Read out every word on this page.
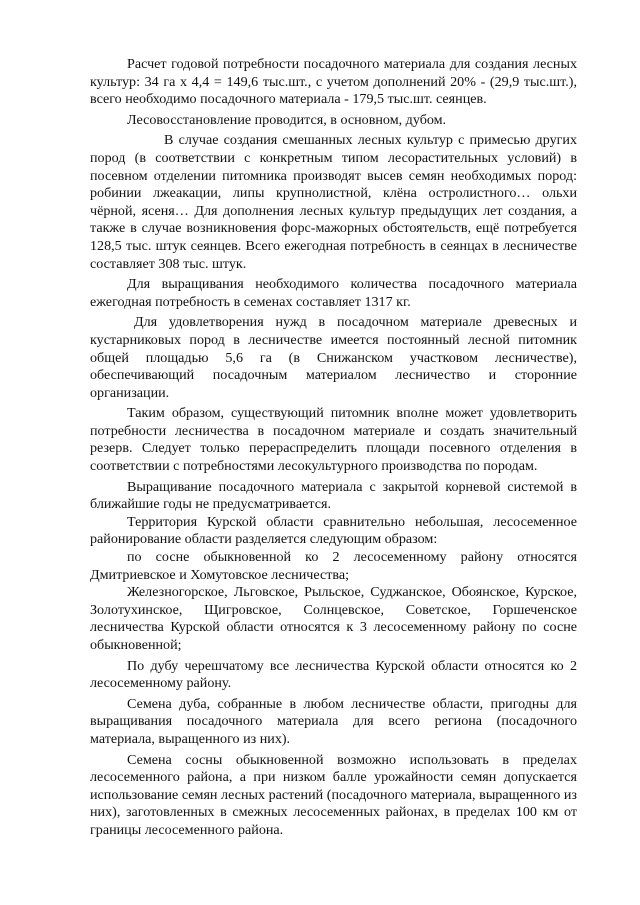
Расчет годовой потребности посадочного материала для создания лесных культур: 34 га х 4,4 = 149,6 тыс.шт., с учетом дополнений 20% - (29,9 тыс.шт.), всего необходимо посадочного материала - 179,5 тыс.шт. сеянцев.

Лесовосстановление проводится, в основном, дубом.

В случае создания смешанных лесных культур с примесью других пород (в соответствии с конкретным типом лесорастительных условий) в посевном отделении питомника производят высев семян необходимых пород: робинии лжеакации, липы крупнолистной, клёна остролистного… ольхи чёрной, ясеня… Для дополнения лесных культур предыдущих лет создания, а также в случае возникновения форс-мажорных обстоятельств, ещё потребуется 128,5 тыс. штук сеянцев. Всего ежегодная потребность в сеянцах в лесничестве составляет 308 тыс. штук.

Для выращивания необходимого количества посадочного материала ежегодная потребность в семенах составляет 1317 кг.

Для удовлетворения нужд в посадочном материале древесных и кустарниковых пород в лесничестве имеется постоянный лесной питомник общей площадью 5,6 га (в Снижанском участковом лесничестве), обеспечивающий посадочным материалом лесничество и сторонние организации.

Таким образом, существующий питомник вполне может удовлетворить потребности лесничества в посадочном материале и создать значительный резерв. Следует только перераспределить площади посевного отделения в соответствии с потребностями лесокультурного производства по породам.

Выращивание посадочного материала с закрытой корневой системой в ближайшие годы не предусматривается.

Территория Курской области сравнительно небольшая, лесосеменное районирование области разделяется следующим образом:

по сосне обыкновенной ко 2 лесосеменному району относятся Дмитриевское и Хомутовское лесничества;

Железногорское, Льговское, Рыльское, Суджанское, Обоянское, Курское, Золотухинское, Щигровское, Солнцевское, Советское, Горшеченское лесничества Курской области относятся к 3 лесосеменному району по сосне обыкновенной;

По дубу черешчатому все лесничества Курской области относятся ко 2 лесосеменному району.

Семена дуба, собранные в любом лесничестве области, пригодны для выращивания посадочного материала для всего региона (посадочного материала, выращенного из них).

Семена сосны обыкновенной возможно использовать в пределах лесосеменного района, а при низком балле урожайности семян допускается использование семян лесных растений (посадочного материала, выращенного из них), заготовленных в смежных лесосеменных районах, в пределах 100 км от границы лесосеменного района.
